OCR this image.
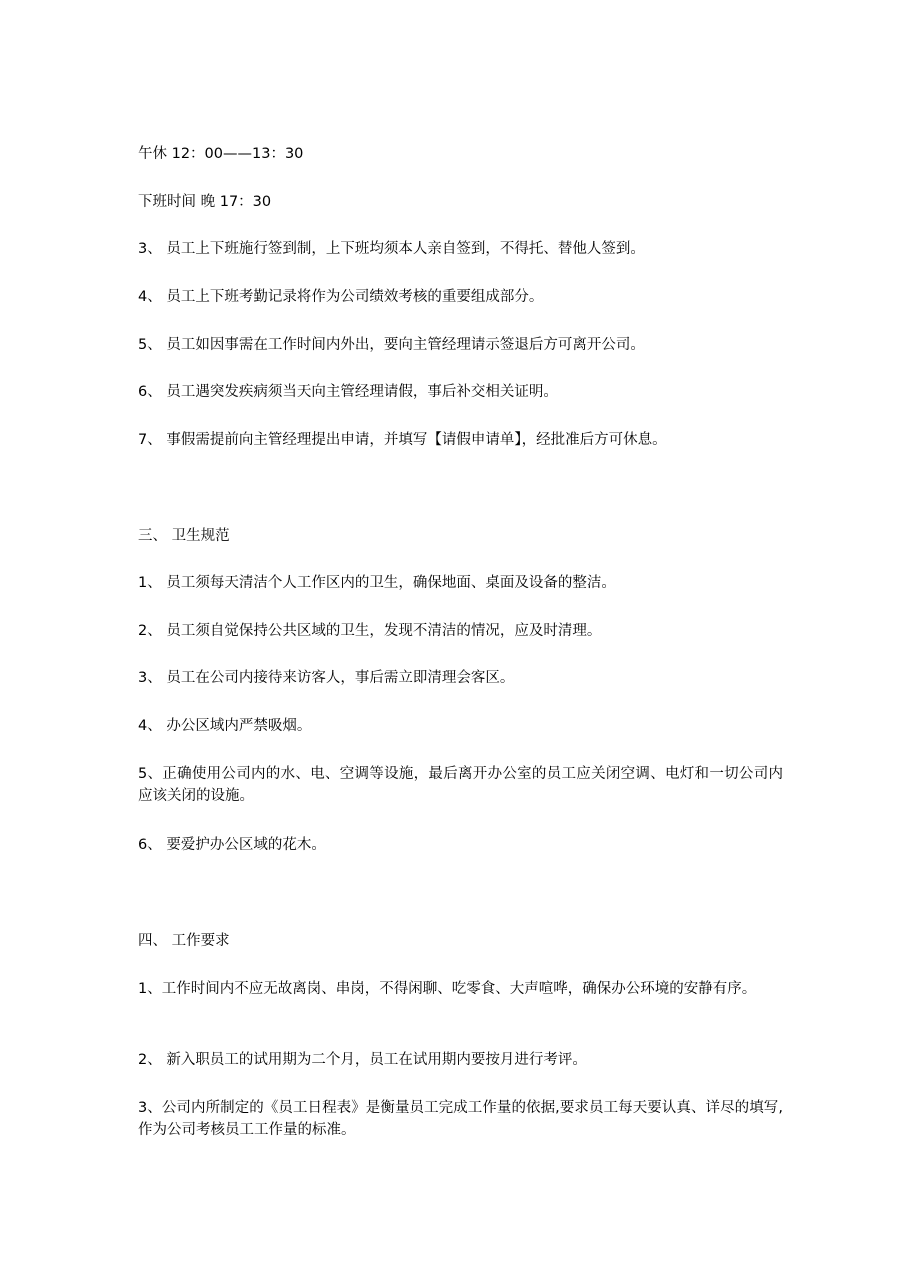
午休 12：00——13：30

下班时间 晚 17：30

3、 员工上下班施行签到制，上下班均须本人亲自签到，不得托、替他人签到。

4、 员工上下班考勤记录将作为公司绩效考核的重要组成部分。

5、 员工如因事需在工作时间内外出，要向主管经理请示签退后方可离开公司。

6、 员工遇突发疾病须当天向主管经理请假，事后补交相关证明。

7、 事假需提前向主管经理提出申请，并填写【请假申请单】，经批准后方可休息。

三、 卫生规范

1、 员工须每天清洁个人工作区内的卫生，确保地面、桌面及设备的整洁。

2、 员工须自觉保持公共区域的卫生，发现不清洁的情况，应及时清理。

3、 员工在公司内接待来访客人，事后需立即清理会客区。

4、 办公区域内严禁吸烟。

5、正确使用公司内的水、电、空调等设施，最后离开办公室的员工应关闭空调、电灯和一切公司内应该关闭的设施。

6、 要爱护办公区域的花木。

四、 工作要求

1、工作时间内不应无故离岗、串岗，不得闲聊、吃零食、大声喧哗，确保办公环境的安静有序。

2、 新入职员工的试用期为二个月，员工在试用期内要按月进行考评。

3、公司内所制定的《员工日程表》是衡量员工完成工作量的依据,要求员工每天要认真、详尽的填写,作为公司考核员工工作量的标准。
